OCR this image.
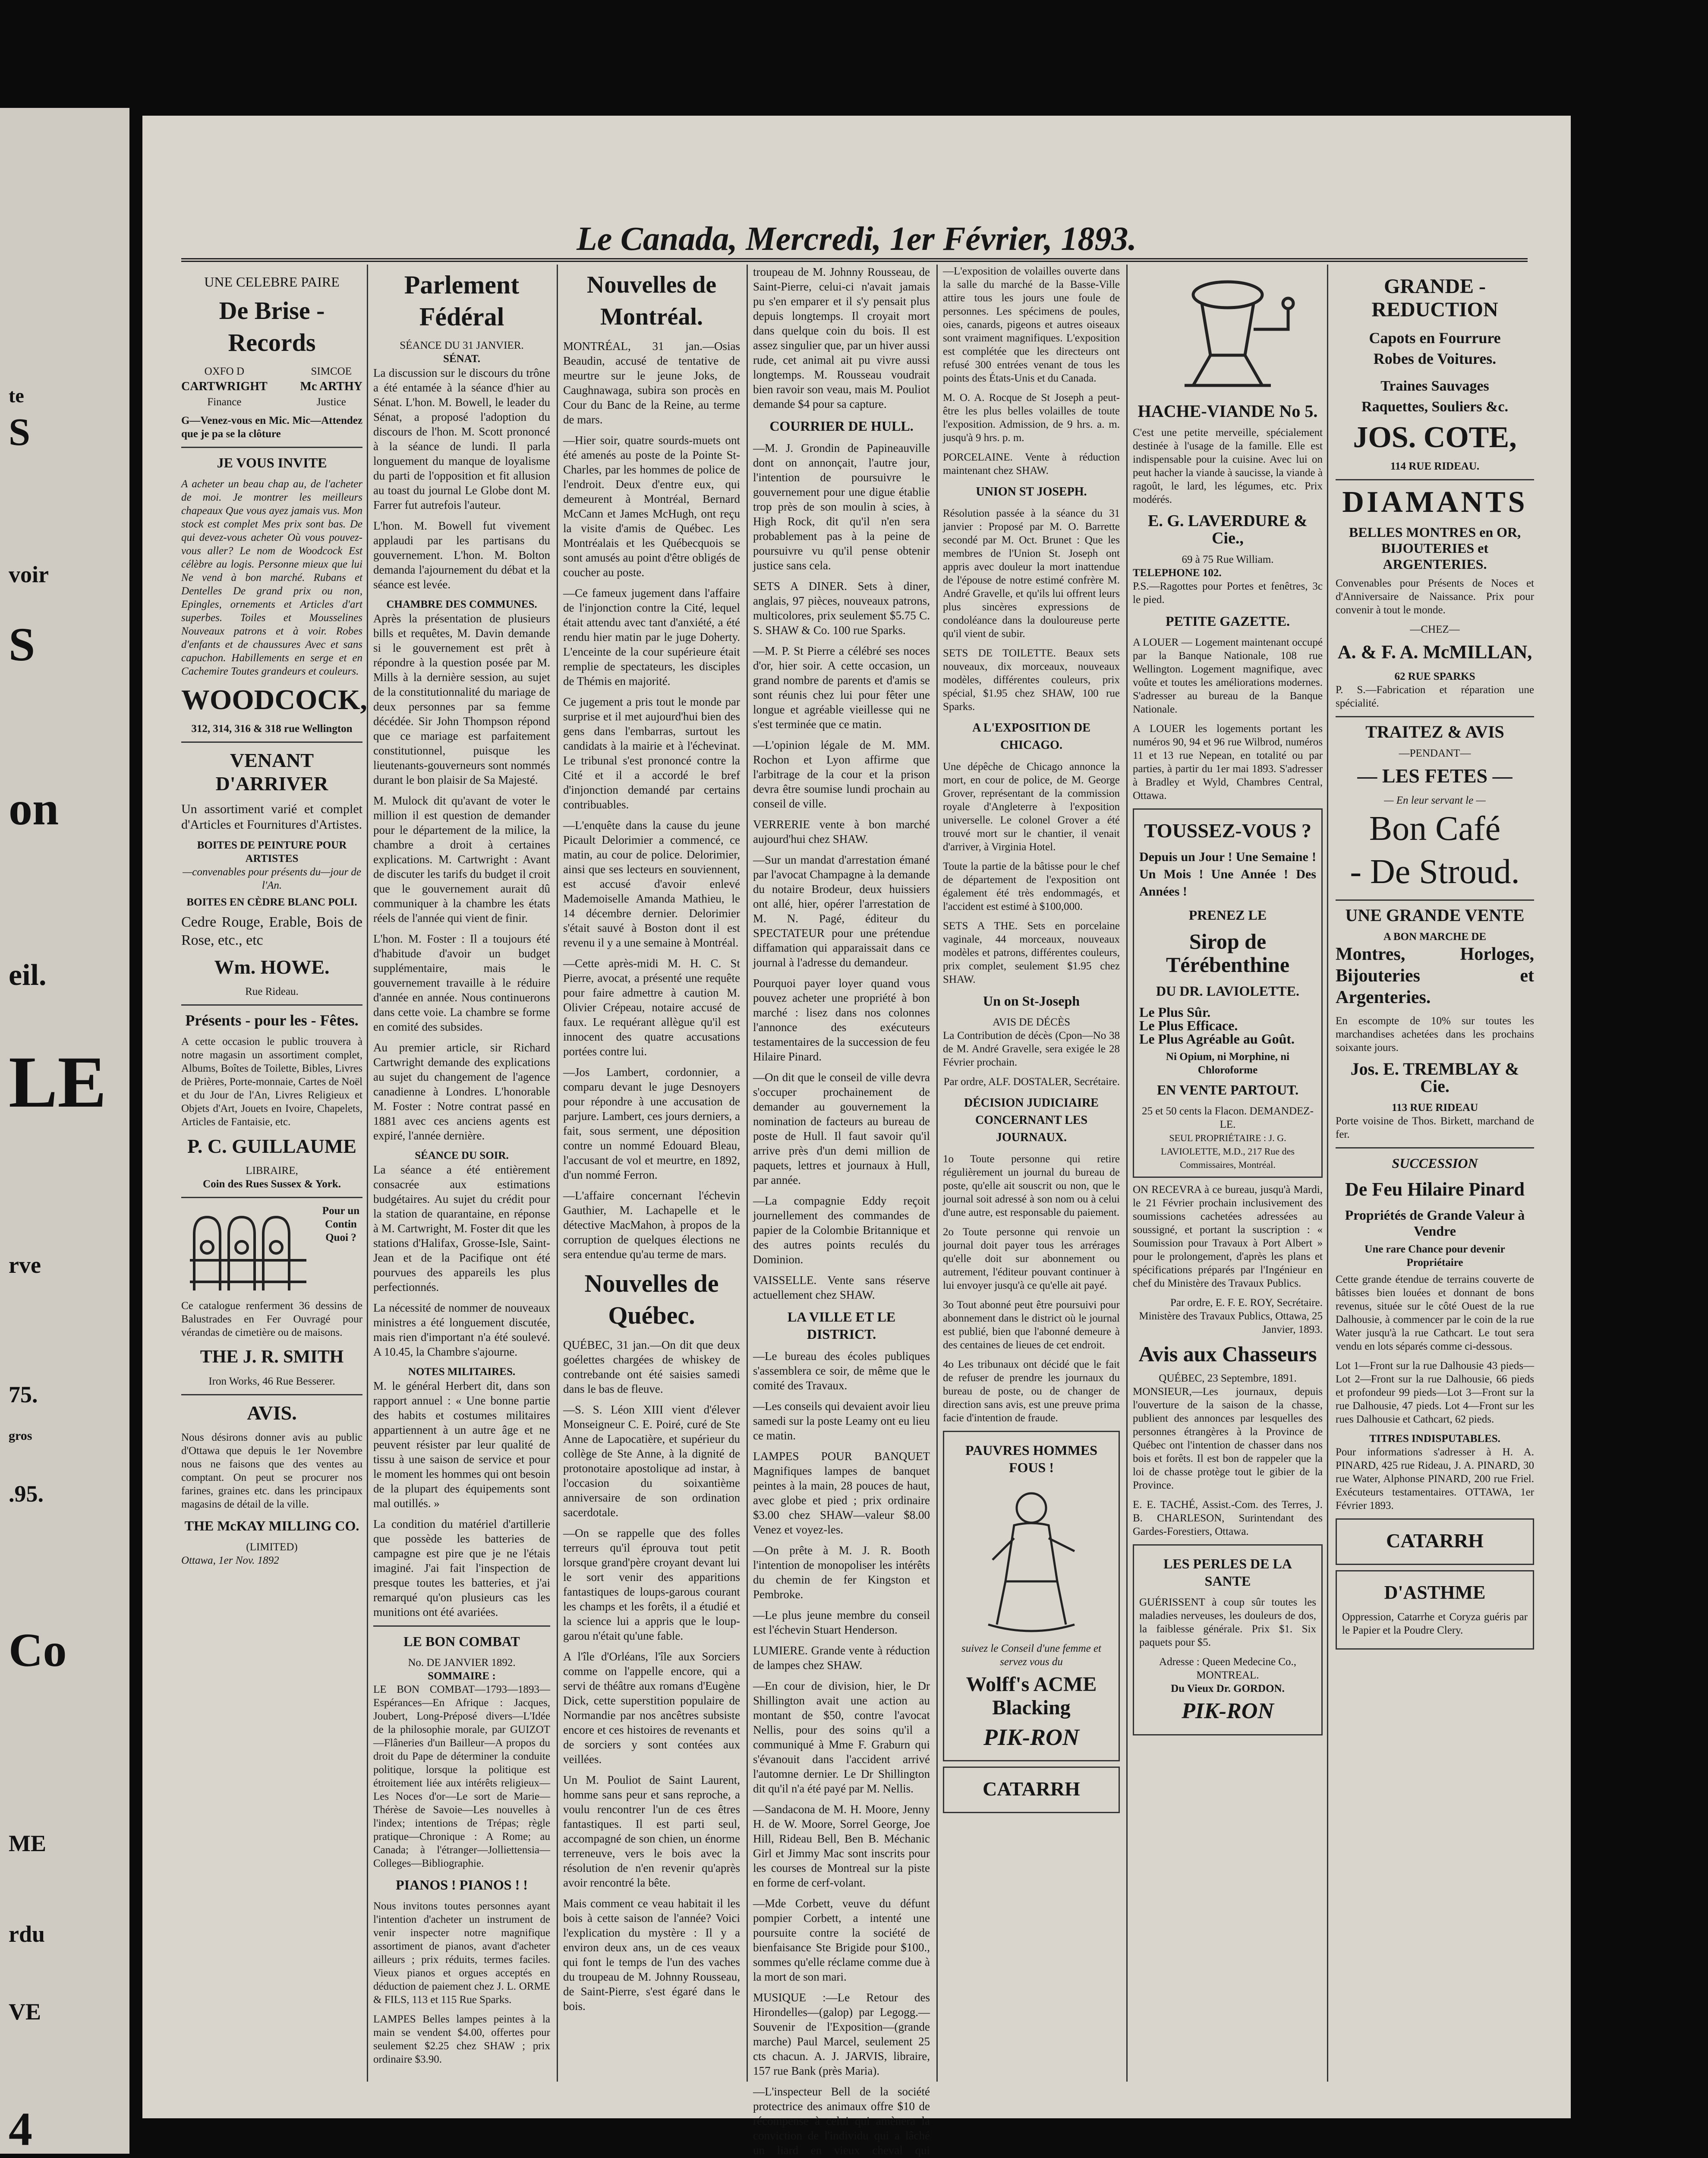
te
S
voir
S
on
eil.
LE
rve
75.
gros
.95.
Co
ME
rdu
VE
4
Le Canada, Mercredi, 1er Février, 1893.
UNE CELEBRE PAIRE
De Brise - Records
OXFO D
CARTWRIGHT
Finance
SIMCOE
Mc ARTHY
Justice

G—Venez-vous en Mic. Mic—Attendez que je pa se la clôture

JE VOUS INVITE

A acheter un beau chap au, de l'acheter de moi. Je montrer les meilleurs chapeaux Que vous ayez jamais vus. Mon stock est complet Mes prix sont bas. De qui devez-vous acheter Où vous pouvez-vous aller? Le nom de Woodcock Est célèbre au logis. Personne mieux que lui Ne vend à bon marché. Rubans et Dentelles De grand prix ou non, Epingles, ornements et Articles d'art superbes. Toiles et Mousselines Nouveaux patrons et à voir. Robes d'enfants et de chaussures Avec et sans capuchon. Habillements en serge et en Cachemire Toutes grandeurs et couleurs.

WOODCOCK,
312, 314, 316 & 318 rue Wellington
VENANT D'ARRIVER

Un assortiment varié et complet d'Articles et Fournitures d'Artistes.

BOITES DE PEINTURE POUR ARTISTES
—convenables pour présents du—jour de l'An.
BOITES EN CÈDRE BLANC POLI.

Cedre Rouge, Erable, Bois de Rose, etc., etc

Wm. HOWE.
Rue Rideau.
Présents - pour les - Fêtes.

A cette occasion le public trouvera à notre magasin un assortiment complet, Albums, Boîtes de Toilette, Bibles, Livres de Prières, Porte-monnaie, Cartes de Noël et du Jour de l'An, Livres Religieux et Objets d'Art, Jouets en Ivoire, Chapelets, Articles de Fantaisie, etc.

P. C. GUILLAUME
LIBRAIRE,
Coin des Rues Sussex & York.
Pour un Contin Quoi ?

Ce catalogue renferment 36 dessins de Balustrades en Fer Ouvragé pour vérandas de cimetière ou de maisons.

THE J. R. SMITH
Iron Works, 46 Rue Besserer.
AVIS.

Nous désirons donner avis au public d'Ottawa que depuis le 1er Novembre nous ne faisons que des ventes au comptant. On peut se procurer nos farines, graines etc. dans les principaux magasins de détail de la ville.

THE McKAY MILLING CO.
(LIMITED)
Ottawa, 1er Nov. 1892
Parlement Fédéral
SÉANCE DU 31 JANVIER.
SÉNAT.

La discussion sur le discours du trône a été entamée à la séance d'hier au Sénat. L'hon. M. Bowell, le leader du Sénat, a proposé l'adoption du discours de l'hon. M. Scott prononcé à la séance de lundi. Il parla longuement du manque de loyalisme du parti de l'opposition et fit allusion au toast du journal Le Globe dont M. Farrer fut autrefois l'auteur.

L'hon. M. Bowell fut vivement applaudi par les partisans du gouvernement. L'hon. M. Bolton demanda l'ajournement du débat et la séance est levée.

CHAMBRE DES COMMUNES.

Après la présentation de plusieurs bills et requêtes, M. Davin demande si le gouvernement est prêt à répondre à la question posée par M. Mills à la dernière session, au sujet de la constitutionnalité du mariage de deux personnes par sa femme décédée. Sir John Thompson répond que ce mariage est parfaitement constitutionnel, puisque les lieutenants-gouverneurs sont nommés durant le bon plaisir de Sa Majesté.

M. Mulock dit qu'avant de voter le million il est question de demander pour le département de la milice, la chambre a droit à certaines explications. M. Cartwright : Avant de discuter les tarifs du budget il croit que le gouvernement aurait dû communiquer à la chambre les états réels de l'année qui vient de finir.

L'hon. M. Foster : Il a toujours été d'habitude d'avoir un budget supplémentaire, mais le gouvernement travaille à le réduire d'année en année. Nous continuerons dans cette voie. La chambre se forme en comité des subsides.

Au premier article, sir Richard Cartwright demande des explications au sujet du changement de l'agence canadienne à Londres. L'honorable M. Foster : Notre contrat passé en 1881 avec ces anciens agents est expiré, l'année dernière.

SÉANCE DU SOIR.

La séance a été entièrement consacrée aux estimations budgétaires. Au sujet du crédit pour la station de quarantaine, en réponse à M. Cartwright, M. Foster dit que les stations d'Halifax, Grosse-Isle, Saint-Jean et de la Pacifique ont été pourvues des appareils les plus perfectionnés.

La nécessité de nommer de nouveaux ministres a été longuement discutée, mais rien d'important n'a été soulevé. A 10.45, la Chambre s'ajourne.

NOTES MILITAIRES.

M. le général Herbert dit, dans son rapport annuel : « Une bonne partie des habits et costumes militaires appartiennent à un autre âge et ne peuvent résister par leur qualité de tissu à une saison de service et pour le moment les hommes qui ont besoin de la plupart des équipements sont mal outillés. »

La condition du matériel d'artillerie que possède les batteries de campagne est pire que je ne l'étais imaginé. J'ai fait l'inspection de presque toutes les batteries, et j'ai remarqué qu'on plusieurs cas les munitions ont été avariées.

LE BON COMBAT
No. DE JANVIER 1892.
SOMMAIRE :

LE BON COMBAT—1793—1893—Espérances—En Afrique : Jacques, Joubert, Long-Préposé divers—L'Idée de la philosophie morale, par GUIZOT—Flâneries d'un Bailleur—A propos du droit du Pape de déterminer la conduite politique, lorsque la politique est étroitement liée aux intérêts religieux—Les Noces d'or—Le sort de Marie—Thérèse de Savoie—Les nouvelles à l'index; intentions de Trépas; règle pratique—Chronique : A Rome; au Canada; à l'étranger—Jolliettensia—Colleges—Bibliographie.

PIANOS ! PIANOS ! !

Nous invitons toutes personnes ayant l'intention d'acheter un instrument de venir inspecter notre magnifique assortiment de pianos, avant d'acheter ailleurs ; prix réduits, termes faciles. Vieux pianos et orgues acceptés en déduction de paiement chez J. L. ORME & FILS, 113 et 115 Rue Sparks.

LAMPES Belles lampes peintes à la main se vendent $4.00, offertes pour seulement $2.25 chez SHAW ; prix ordinaire $3.90.

Nouvelles de Montréal.

MONTRÉAL, 31 jan.—Osias Beaudin, accusé de tentative de meurtre sur le jeune Joks, de Caughnawaga, subira son procès en Cour du Banc de la Reine, au terme de mars.

—Hier soir, quatre sourds-muets ont été amenés au poste de la Pointe St-Charles, par les hommes de police de l'endroit. Deux d'entre eux, qui demeurent à Montréal, Bernard McCann et James McHugh, ont reçu la visite d'amis de Québec. Les Montréalais et les Québecquois se sont amusés au point d'être obligés de coucher au poste.

—Ce fameux jugement dans l'affaire de l'injonction contre la Cité, lequel était attendu avec tant d'anxiété, a été rendu hier matin par le juge Doherty. L'enceinte de la cour supérieure était remplie de spectateurs, les disciples de Thémis en majorité.

Ce jugement a pris tout le monde par surprise et il met aujourd'hui bien des gens dans l'embarras, surtout les candidats à la mairie et à l'échevinat. Le tribunal s'est prononcé contre la Cité et il a accordé le bref d'injonction demandé par certains contribuables.

—L'enquête dans la cause du jeune Picault Delorimier a commencé, ce matin, au cour de police. Delorimier, ainsi que ses lecteurs en souviennent, est accusé d'avoir enlevé Mademoiselle Amanda Mathieu, le 14 décembre dernier. Delorimier s'était sauvé à Boston dont il est revenu il y a une semaine à Montréal.

—Cette après-midi M. H. C. St Pierre, avocat, a présenté une requête pour faire admettre à caution M. Olivier Crépeau, notaire accusé de faux. Le requérant allègue qu'il est innocent des quatre accusations portées contre lui.

—Jos Lambert, cordonnier, a comparu devant le juge Desnoyers pour répondre à une accusation de parjure. Lambert, ces jours derniers, a fait, sous serment, une déposition contre un nommé Edouard Bleau, l'accusant de vol et meurtre, en 1892, d'un nommé Ferron.

—L'affaire concernant l'échevin Gauthier, M. Lachapelle et le détective MacMahon, à propos de la corruption de quelques élections ne sera entendue qu'au terme de mars.

Nouvelles de Québec.

QUÉBEC, 31 jan.—On dit que deux goélettes chargées de whiskey de contrebande ont été saisies samedi dans le bas de fleuve.

—S. S. Léon XIII vient d'élever Monseigneur C. E. Poiré, curé de Ste Anne de Lapocatière, et supérieur du collège de Ste Anne, à la dignité de protonotaire apostolique ad instar, à l'occasion du soixantième anniversaire de son ordination sacerdotale.

—On se rappelle que des folles terreurs qu'il éprouva tout petit lorsque grand'père croyant devant lui le sort venir des apparitions fantastiques de loups-garous courant les champs et les forêts, il a étudié et la science lui a appris que le loup-garou n'était qu'une fable.

A l'île d'Orléans, l'île aux Sorciers comme on l'appelle encore, qui a servi de théâtre aux romans d'Eugène Dick, cette superstition populaire de Normandie par nos ancêtres subsiste encore et ces histoires de revenants et de sorciers y sont contées aux veillées.

Un M. Pouliot de Saint Laurent, homme sans peur et sans reproche, a voulu rencontrer l'un de ces êtres fantastiques. Il est parti seul, accompagné de son chien, un énorme terreneuve, vers le bois avec la résolution de n'en revenir qu'après avoir rencontré la bête.

Mais comment ce veau habitait il les bois à cette saison de l'année? Voici l'explication du mystère : Il y a environ deux ans, un de ces veaux qui font le temps de l'un des vaches du troupeau de M. Johnny Rousseau, de Saint-Pierre, s'est égaré dans le bois.

troupeau de M. Johnny Rousseau, de Saint-Pierre, celui-ci n'avait jamais pu s'en emparer et il s'y pensait plus depuis longtemps. Il croyait mort dans quelque coin du bois. Il est assez singulier que, par un hiver aussi rude, cet animal ait pu vivre aussi longtemps. M. Rousseau voudrait bien ravoir son veau, mais M. Pouliot demande $4 pour sa capture.

COURRIER DE HULL.

—M. J. Grondin de Papineauville dont on annonçait, l'autre jour, l'intention de poursuivre le gouvernement pour une digue établie trop près de son moulin à scies, à High Rock, dit qu'il n'en sera probablement pas à la peine de poursuivre vu qu'il pense obtenir justice sans cela.

SETS A DINER. Sets à diner, anglais, 97 pièces, nouveaux patrons, multicolores, prix seulement $5.75 C. S. SHAW & Co. 100 rue Sparks.

—M. P. St Pierre a célébré ses noces d'or, hier soir. A cette occasion, un grand nombre de parents et d'amis se sont réunis chez lui pour fêter une longue et agréable vieillesse qui ne s'est terminée que ce matin.

—L'opinion légale de M. MM. Rochon et Lyon affirme que l'arbitrage de la cour et la prison devra être soumise lundi prochain au conseil de ville.

VERRERIE vente à bon marché aujourd'hui chez SHAW.

—Sur un mandat d'arrestation émané par l'avocat Champagne à la demande du notaire Brodeur, deux huissiers ont allé, hier, opérer l'arrestation de M. N. Pagé, éditeur du SPECTATEUR pour une prétendue diffamation qui apparaissait dans ce journal à l'adresse du demandeur.

Pourquoi payer loyer quand vous pouvez acheter une propriété à bon marché : lisez dans nos colonnes l'annonce des exécuteurs testamentaires de la succession de feu Hilaire Pinard.

—On dit que le conseil de ville devra s'occuper prochainement de demander au gouvernement la nomination de facteurs au bureau de poste de Hull. Il faut savoir qu'il arrive près d'un demi million de paquets, lettres et journaux à Hull, par année.

—La compagnie Eddy reçoit journellement des commandes de papier de la Colombie Britannique et des autres points reculés du Dominion.

VAISSELLE. Vente sans réserve actuellement chez SHAW.

LA VILLE ET LE DISTRICT.

—Le bureau des écoles publiques s'assemblera ce soir, de même que le comité des Travaux.

—Les conseils qui devaient avoir lieu samedi sur la poste Leamy ont eu lieu ce matin.

LAMPES POUR BANQUET Magnifiques lampes de banquet peintes à la main, 28 pouces de haut, avec globe et pied ; prix ordinaire $3.00 chez SHAW—valeur $8.00 Venez et voyez-les.

—On prête à M. J. R. Booth l'intention de monopoliser les intérêts du chemin de fer Kingston et Pembroke.

—Le plus jeune membre du conseil est l'échevin Stuart Henderson.

LUMIERE. Grande vente à réduction de lampes chez SHAW.

—En cour de division, hier, le Dr Shillington avait une action au montant de $50, contre l'avocat Nellis, pour des soins qu'il a communiqué à Mme F. Graburn qui s'évanouit dans l'accident arrivé l'automne dernier. Le Dr Shillington dit qu'il n'a été payé par M. Nellis.

—Sandacona de M. H. Moore, Jenny H. de W. Moore, Sorrel George, Joe Hill, Rideau Bell, Ben B. Méchanic Girl et Jimmy Mac sont inscrits pour les courses de Montreal sur la piste en forme de cerf-volant.

—Mde Corbett, veuve du défunt pompier Corbett, a intenté une poursuite contre la société de bienfaisance Ste Brigide pour $100., sommes qu'elle réclame comme due à la mort de son mari.

MUSIQUE :—Le Retour des Hirondelles—(galop) par Legogg.—Souvenir de l'Exposition—(grande marche) Paul Marcel, seulement 25 cts chacun. A. J. JARVIS, libraire, 157 rue Bank (près Maria).

—L'inspecteur Bell de la société protectrice des animaux offre $10 de récompense à celui qui amènera la conviction de l'individu qui a lâché un liard en vieux cheval qui

—L'exposition de volailles ouverte dans la salle du marché de la Basse-Ville attire tous les jours une foule de personnes. Les spécimens de poules, oies, canards, pigeons et autres oiseaux sont vraiment magnifiques. L'exposition est complétée que les directeurs ont refusé 300 entrées venant de tous les points des États-Unis et du Canada.

M. O. A. Rocque de St Joseph a peut-être les plus belles volailles de toute l'exposition. Admission, de 9 hrs. a. m. jusqu'à 9 hrs. p. m.

PORCELAINE. Vente à réduction maintenant chez SHAW.

UNION ST JOSEPH.

Résolution passée à la séance du 31 janvier : Proposé par M. O. Barrette secondé par M. Oct. Brunet : Que les membres de l'Union St. Joseph ont appris avec douleur la mort inattendue de l'épouse de notre estimé confrère M. André Gravelle, et qu'ils lui offrent leurs plus sincères expressions de condoléance dans la douloureuse perte qu'il vient de subir.

SETS DE TOILETTE. Beaux sets nouveaux, dix morceaux, nouveaux modèles, différentes couleurs, prix spécial, $1.95 chez SHAW, 100 rue Sparks.

A L'EXPOSITION DE CHICAGO.

Une dépêche de Chicago annonce la mort, en cour de police, de M. George Grover, représentant de la commission royale d'Angleterre à l'exposition universelle. Le colonel Grover a été trouvé mort sur le chantier, il venait d'arriver, à Virginia Hotel.

Toute la partie de la bâtisse pour le chef de département de l'exposition ont également été très endommagés, et l'accident est estimé à $100,000.

SETS A THE. Sets en porcelaine vaginale, 44 morceaux, nouveaux modèles et patrons, différentes couleurs, prix complet, seulement $1.95 chez SHAW.

Un on St-Joseph
AVIS DE DÉCÈS

La Contribution de décès (Cpon—No 38 de M. André Gravelle, sera exigée le 28 Février prochain.

Par ordre, ALF. DOSTALER, Secrétaire.

DÉCISION JUDICIAIRE CONCERNANT LES JOURNAUX.

1o Toute personne qui retire régulièrement un journal du bureau de poste, qu'elle ait souscrit ou non, que le journal soit adressé à son nom ou à celui d'une autre, est responsable du paiement.

2o Toute personne qui renvoie un journal doit payer tous les arrérages qu'elle doit sur abonnement ou autrement, l'éditeur pouvant continuer à lui envoyer jusqu'à ce qu'elle ait payé.

3o Tout abonné peut être poursuivi pour abonnement dans le district où le journal est publié, bien que l'abonné demeure à des centaines de lieues de cet endroit.

4o Les tribunaux ont décidé que le fait de refuser de prendre les journaux du bureau de poste, ou de changer de direction sans avis, est une preuve prima facie d'intention de fraude.

PAUVRES HOMMES FOUS !
suivez le Conseil d'une femme et servez vous du
Wolff's ACME Blacking
PIK-RON
CATARRH
HACHE-VIANDE No 5.

C'est une petite merveille, spécialement destinée à l'usage de la famille. Elle est indispensable pour la cuisine. Avec lui on peut hacher la viande à saucisse, la viande à ragoût, le lard, les légumes, etc. Prix modérés.

E. G. LAVERDURE & Cie.,
69 à 75 Rue William.
TELEPHONE 102.

P.S.—Ragottes pour Portes et fenêtres, 3c le pied.

PETITE GAZETTE.

A LOUER — Logement maintenant occupé par la Banque Nationale, 108 rue Wellington. Logement magnifique, avec voûte et toutes les améliorations modernes. S'adresser au bureau de la Banque Nationale.

A LOUER les logements portant les numéros 90, 94 et 96 rue Wilbrod, numéros 11 et 13 rue Nepean, en totalité ou par parties, à partir du 1er mai 1893. S'adresser à Bradley et Wyld, Chambres Central, Ottawa.

TOUSSEZ-VOUS ?

Depuis un Jour ! Une Semaine ! Un Mois ! Une Année ! Des Années !

PRENEZ LE
Sirop de Térébenthine
DU DR. LAVIOLETTE.
Le Plus Sûr.
Le Plus Efficace.
Le Plus Agréable au Goût.
Ni Opium, ni Morphine, ni Chloroforme
EN VENTE PARTOUT.
25 et 50 cents la Flacon. DEMANDEZ-LE.
SEUL PROPRIÉTAIRE : J. G. LAVIOLETTE, M.D., 217 Rue des Commissaires, Montréal.

ON RECEVRA à ce bureau, jusqu'à Mardi, le 21 Février prochain inclusivement des soumissions cachetées adressées au soussigné, et portant la suscription : « Soumission pour Travaux à Port Albert » pour le prolongement, d'après les plans et spécifications préparés par l'Ingénieur en chef du Ministère des Travaux Publics.

Par ordre, E. F. E. ROY, Secrétaire. Ministère des Travaux Publics, Ottawa, 25 Janvier, 1893.

Avis aux Chasseurs
QUÉBEC, 23 Septembre, 1891.

MONSIEUR,—Les journaux, depuis l'ouverture de la saison de la chasse, publient des annonces par lesquelles des personnes étrangères à la Province de Québec ont l'intention de chasser dans nos bois et forêts. Il est bon de rappeler que la loi de chasse protège tout le gibier de la Province.

E. E. TACHÉ, Assist.-Com. des Terres, J. B. CHARLESON, Surintendant des Gardes-Forestiers, Ottawa.

LES PERLES DE LA SANTE

GUÉRISSENT à coup sûr toutes les maladies nerveuses, les douleurs de dos, la faiblesse générale. Prix $1. Six paquets pour $5.

Adresse : Queen Medecine Co., MONTREAL.
Du Vieux Dr. GORDON.
PIK-RON
GRANDE - REDUCTION
Capots en Fourrure
Robes de Voitures.
Traines Sauvages
Raquettes, Souliers &c.
JOS. COTE,
114 RUE RIDEAU.
DIAMANTS
BELLES MONTRES en OR,
BIJOUTERIES et ARGENTERIES.

Convenables pour Présents de Noces et d'Anniversaire de Naissance. Prix pour convenir à tout le monde.

—CHEZ—
A. & F. A. McMILLAN,
62 RUE SPARKS

P. S.—Fabrication et réparation une spécialité.

TRAITEZ & AVIS
—PENDANT—
— LES FETES —
— En leur servant le —
Bon Café
- De Stroud.
UNE GRANDE VENTE
A BON MARCHE DE

Montres, Horloges, Bijouteries et Argenteries.

En escompte de 10% sur toutes les marchandises achetées dans les prochains soixante jours.

Jos. E. TREMBLAY & Cie.
113 RUE RIDEAU

Porte voisine de Thos. Birkett, marchand de fer.

SUCCESSION
De Feu Hilaire Pinard
Propriétés de Grande Valeur à Vendre
Une rare Chance pour devenir Propriétaire

Cette grande étendue de terrains couverte de bâtisses bien louées et donnant de bons revenus, située sur le côté Ouest de la rue Dalhousie, à commencer par le coin de la rue Water jusqu'à la rue Cathcart. Le tout sera vendu en lots séparés comme ci-dessous.

Lot 1—Front sur la rue Dalhousie 43 pieds—Lot 2—Front sur la rue Dalhousie, 66 pieds et profondeur 99 pieds—Lot 3—Front sur la rue Dalhousie, 47 pieds. Lot 4—Front sur les rues Dalhousie et Cathcart, 62 pieds.

TITRES INDISPUTABLES.

Pour informations s'adresser à H. A. PINARD, 425 rue Rideau, J. A. PINARD, 30 rue Water, Alphonse PINARD, 200 rue Friel. Exécuteurs testamentaires. OTTAWA, 1er Février 1893.

CATARRH
D'ASTHME

Oppression, Catarrhe et Coryza guéris par le Papier et la Poudre Clery.
